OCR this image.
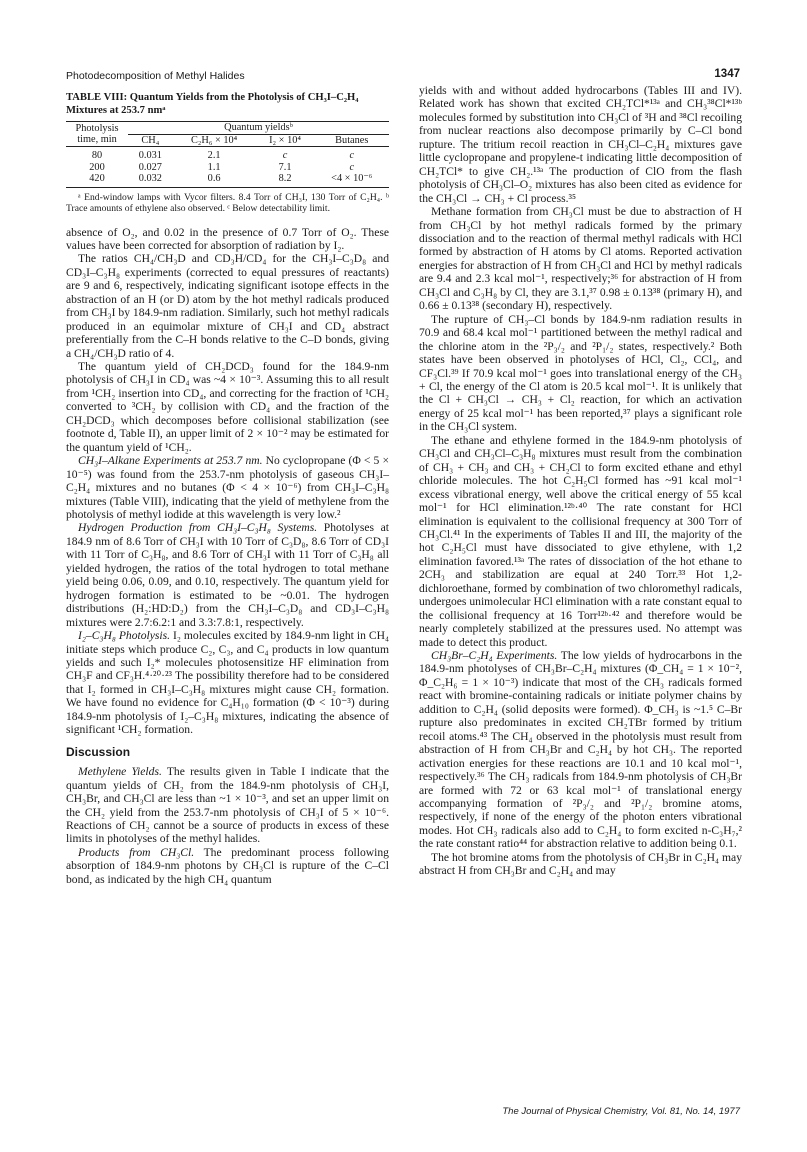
Photodecomposition of Methyl Halides	1347
TABLE VIII: Quantum Yields from the Photolysis of CH₃I–C₂H₄ Mixtures at 253.7 nmᵃ
Photolysis time, min	Quantum yieldsᵇ			
	CH₄	C₂H₆ × 10⁴	I₂ × 10⁴	Butanes
80	0.031	2.1	c	c
200	0.027	1.1	7.1	c
420	0.032	0.6	8.2	<4 × 10⁻⁶
ᵃ End-window lamps with Vycor filters. 8.4 Torr of CH₃I, 130 Torr of C₂H₄. ᵇ Trace amounts of ethylene also observed. ᶜ Below detectability limit.

absence of O₂, and 0.02 in the presence of 0.7 Torr of O₂. These values have been corrected for absorption of radiation by I₂.

The ratios CH₄/CH₃D and CD₃H/CD₄ for the CH₃I–C₃D₈ and CD₃I–C₃H₈ experiments (corrected to equal pressures of reactants) are 9 and 6, respectively, indicating significant isotope effects in the abstraction of an H (or D) atom by the hot methyl radicals produced from CH₃I by 184.9-nm radiation. Similarly, such hot methyl radicals produced in an equimolar mixture of CH₃I and CD₄ abstract preferentially from the C–H bonds relative to the C–D bonds, giving a CH₄/CH₃D ratio of 4.

The quantum yield of CH₂DCD₃ found for the 184.9-nm photolysis of CH₃I in CD₄ was ~4 × 10⁻³. Assuming this to all result from ¹CH₂ insertion into CD₄, and correcting for the fraction of ¹CH₂ converted to ³CH₂ by collision with CD₄ and the fraction of the CH₂DCD₃ which decomposes before collisional stabilization (see footnote d, Table II), an upper limit of 2 × 10⁻² may be estimated for the quantum yield of ¹CH₂.

CH₃I–Alkane Experiments at 253.7 nm. No cyclopropane (Φ < 5 × 10⁻⁵) was found from the 253.7-nm photolysis of gaseous CH₃I–C₂H₄ mixtures and no butanes (Φ < 4 × 10⁻⁶) from CH₃I–C₃H₈ mixtures (Table VIII), indicating that the yield of methylene from the photolysis of methyl iodide at this wavelength is very low.²

Hydrogen Production from CH₃I–C₃H₈ Systems. Photolyses at 184.9 nm of 8.6 Torr of CH₃I with 10 Torr of C₃D₈, 8.6 Torr of CD₃I with 11 Torr of C₃H₈, and 8.6 Torr of CH₃I with 11 Torr of C₃H₈ all yielded hydrogen, the ratios of the total hydrogen to total methane yield being 0.06, 0.09, and 0.10, respectively. The quantum yield for hydrogen formation is estimated to be ~0.01. The hydrogen distributions (H₂:HD:D₂) from the CH₃I–C₃D₈ and CD₃I–C₃H₈ mixtures were 2.7:6.2:1 and 3.3:7.8:1, respectively.

I₂–C₃H₈ Photolysis. I₂ molecules excited by 184.9-nm light in CH₄ initiate steps which produce C₂, C₃, and C₄ products in low quantum yields and such I₂* molecules photosensitize HF elimination from CH₃F and CF₃H.⁴·²⁰·²³ The possibility therefore had to be considered that I₂ formed in CH₃I–C₃H₈ mixtures might cause CH₂ formation. We have found no evidence for C₄H₁₀ formation (Φ < 10⁻³) during 184.9-nm photolysis of I₂–C₃H₈ mixtures, indicating the absence of significant ¹CH₂ formation.

Discussion

Methylene Yields. The results given in Table I indicate that the quantum yields of CH₂ from the 184.9-nm photolysis of CH₃I, CH₃Br, and CH₃Cl are less than ~1 × 10⁻³, and set an upper limit on the CH₂ yield from the 253.7-nm photolysis of CH₃I of 5 × 10⁻⁶. Reactions of CH₂ cannot be a source of products in excess of these limits in photolyses of the methyl halides.

Products from CH₃Cl. The predominant process following absorption of 184.9-nm photons by CH₃Cl is rupture of the C–Cl bond, as indicated by the high CH₄ quantum

yields with and without added hydrocarbons (Tables III and IV). Related work has shown that excited CH₂TCl*¹³ᵃ and CH₃³⁸Cl*¹³ᵇ molecules formed by substitution into CH₃Cl of ³H and ³⁸Cl recoiling from nuclear reactions also decompose primarily by C–Cl bond rupture. The tritium recoil reaction in CH₃Cl–C₂H₄ mixtures gave little cyclopropane and propylene-t indicating little decomposition of CH₂TCl* to give CH₂.¹³ᵃ The production of ClO from the flash photolysis of CH₃Cl–O₂ mixtures has also been cited as evidence for the CH₃Cl → CH₃ + Cl process.³⁵

Methane formation from CH₃Cl must be due to abstraction of H from CH₃Cl by hot methyl radicals formed by the primary dissociation and to the reaction of thermal methyl radicals with HCl formed by abstraction of H atoms by Cl atoms. Reported activation energies for abstraction of H from CH₃Cl and HCl by methyl radicals are 9.4 and 2.3 kcal mol⁻¹, respectively;³⁶ for abstraction of H from CH₃Cl and C₃H₈ by Cl, they are 3.1,³⁷ 0.98 ± 0.13³⁸ (primary H), and 0.66 ± 0.13³⁸ (secondary H), respectively.

The rupture of CH₃–Cl bonds by 184.9-nm radiation results in 70.9 and 68.4 kcal mol⁻¹ partitioned between the methyl radical and the chlorine atom in the ²P₃/₂ and ²P₁/₂ states, respectively.² Both states have been observed in photolyses of HCl, Cl₂, CCl₄, and CF₃Cl.³⁹ If 70.9 kcal mol⁻¹ goes into translational energy of the CH₃ + Cl, the energy of the Cl atom is 20.5 kcal mol⁻¹. It is unlikely that the Cl + CH₃Cl → CH₃ + Cl₂ reaction, for which an activation energy of 25 kcal mol⁻¹ has been reported,³⁷ plays a significant role in the CH₃Cl system.

The ethane and ethylene formed in the 184.9-nm photolysis of CH₃Cl and CH₃Cl–C₃H₈ mixtures must result from the combination of CH₃ + CH₃ and CH₃ + CH₂Cl to form excited ethane and ethyl chloride molecules. The hot C₂H₅Cl formed has ~91 kcal mol⁻¹ excess vibrational energy, well above the critical energy of 55 kcal mol⁻¹ for HCl elimination.¹²ᵇ·⁴⁰ The rate constant for HCl elimination is equivalent to the collisional frequency at 300 Torr of CH₃Cl.⁴¹ In the experiments of Tables II and III, the majority of the hot C₂H₅Cl must have dissociated to give ethylene, with 1,2 elimination favored.¹³ᵃ The rates of dissociation of the hot ethane to 2CH₃ and stabilization are equal at 240 Torr.³³ Hot 1,2-dichloroethane, formed by combination of two chloromethyl radicals, undergoes unimolecular HCl elimination with a rate constant equal to the collisional frequency at 16 Torr¹²ᵇ·⁴² and therefore would be nearly completely stabilized at the pressures used. No attempt was made to detect this product.

CH₃Br–C₂H₄ Experiments. The low yields of hydrocarbons in the 184.9-nm photolyses of CH₃Br–C₂H₄ mixtures (Φ_CH₄ = 1 × 10⁻², Φ_C₂H₆ = 1 × 10⁻³) indicate that most of the CH₃ radicals formed react with bromine-containing radicals or initiate polymer chains by addition to C₂H₄ (solid deposits were formed). Φ_CH₃ is ~1.⁵ C–Br rupture also predominates in excited CH₂TBr formed by tritium recoil atoms.⁴³ The CH₄ observed in the photolysis must result from abstraction of H from CH₃Br and C₂H₄ by hot CH₃. The reported activation energies for these reactions are 10.1 and 10 kcal mol⁻¹, respectively.³⁶ The CH₃ radicals from 184.9-nm photolysis of CH₃Br are formed with 72 or 63 kcal mol⁻¹ of translational energy accompanying formation of ²P₃/₂ and ²P₁/₂ bromine atoms, respectively, if none of the energy of the photon enters vibrational modes. Hot CH₃ radicals also add to C₂H₄ to form excited n-C₃H₇,² the rate constant ratio⁴⁴ for abstraction relative to addition being 0.1.

The hot bromine atoms from the photolysis of CH₃Br in C₂H₄ may abstract H from CH₃Br and C₂H₄ and may

The Journal of Physical Chemistry, Vol. 81, No. 14, 1977
